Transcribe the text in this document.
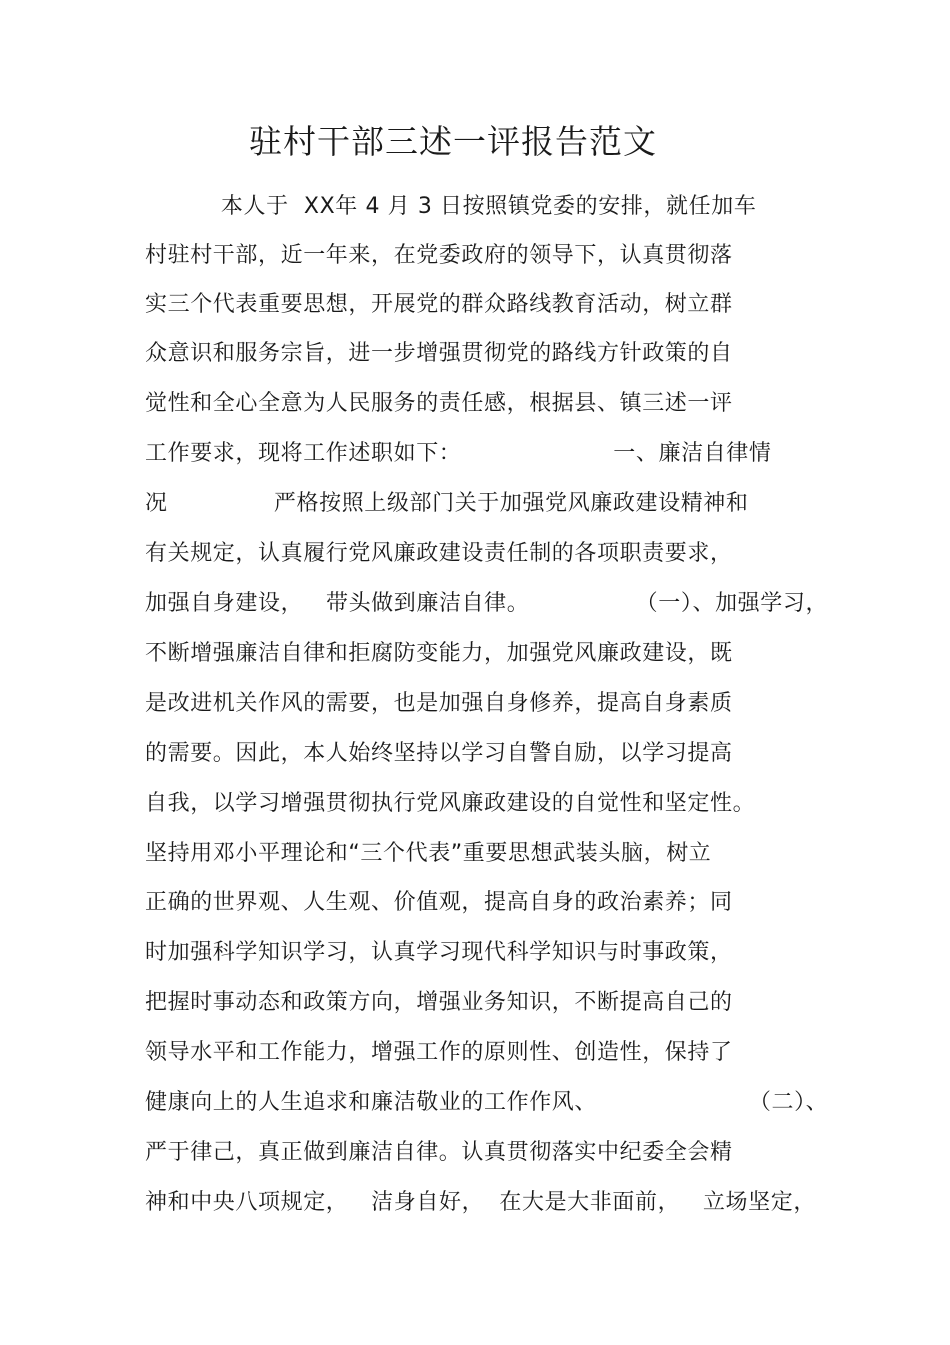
驻村干部三述一评报告范文
本人于  XX年 4 月 3 日按照镇党委的安排，就任加车
村驻村干部，近一年来，在党委政府的领导下，认真贯彻落
实三个代表重要思想，开展党的群众路线教育活动，树立群
众意识和服务宗旨，进一步增强贯彻党的路线方针政策的自
觉性和全心全意为人民服务的责任感，根据县、镇三述一评
工作要求，现将工作述职如下：                    一、廉洁自律情
况              严格按照上级部门关于加强党风廉政建设精神和
有关规定，认真履行党风廉政建设责任制的各项职责要求，
加强自身建设，   带头做到廉洁自律。              （一）、加强学习，
不断增强廉洁自律和拒腐防变能力，加强党风廉政建设，既
是改进机关作风的需要，也是加强自身修养，提高自身素质
的需要。因此，本人始终坚持以学习自警自励，以学习提高
自我，以学习增强贯彻执行党风廉政建设的自觉性和坚定性。
坚持用邓小平理论和“三个代表”重要思想武装头脑，树立
正确的世界观、人生观、价值观，提高自身的政治素养；同
时加强科学知识学习，认真学习现代科学知识与时事政策，
把握时事动态和政策方向，增强业务知识，不断提高自己的
领导水平和工作能力，增强工作的原则性、创造性，保持了
健康向上的人生追求和廉洁敬业的工作作风、                    （二）、
严于律己，真正做到廉洁自律。认真贯彻落实中纪委全会精
神和中央八项规定，   洁身自好，  在大是大非面前，   立场坚定，
